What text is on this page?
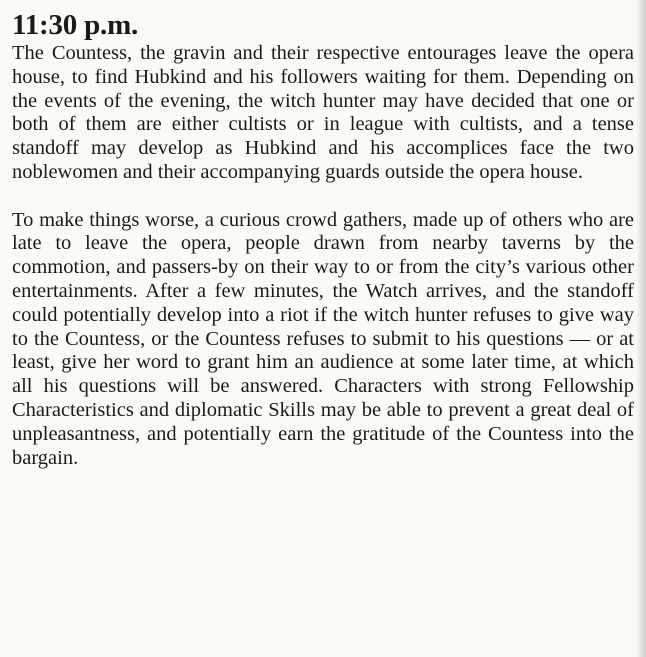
11:30 p.m.

The Countess, the gravin and their respective entourages leave the opera house, to find Hubkind and his followers waiting for them. Depending on the events of the evening, the witch hunter may have decided that one or both of them are either cultists or in league with cultists, and a tense standoff may develop as Hubkind and his accomplices face the two noblewomen and their accompanying guards outside the opera house.

To make things worse, a curious crowd gathers, made up of others who are late to leave the opera, people drawn from nearby taverns by the commotion, and passers-by on their way to or from the city’s various other entertainments. After a few minutes, the Watch arrives, and the standoff could potentially develop into a riot if the witch hunter refuses to give way to the Countess, or the Countess refuses to submit to his questions — or at least, give her word to grant him an audience at some later time, at which all his questions will be answered. Characters with strong Fellowship Characteristics and diplomatic Skills may be able to prevent a great deal of unpleasantness, and potentially earn the gratitude of the Countess into the bargain.
